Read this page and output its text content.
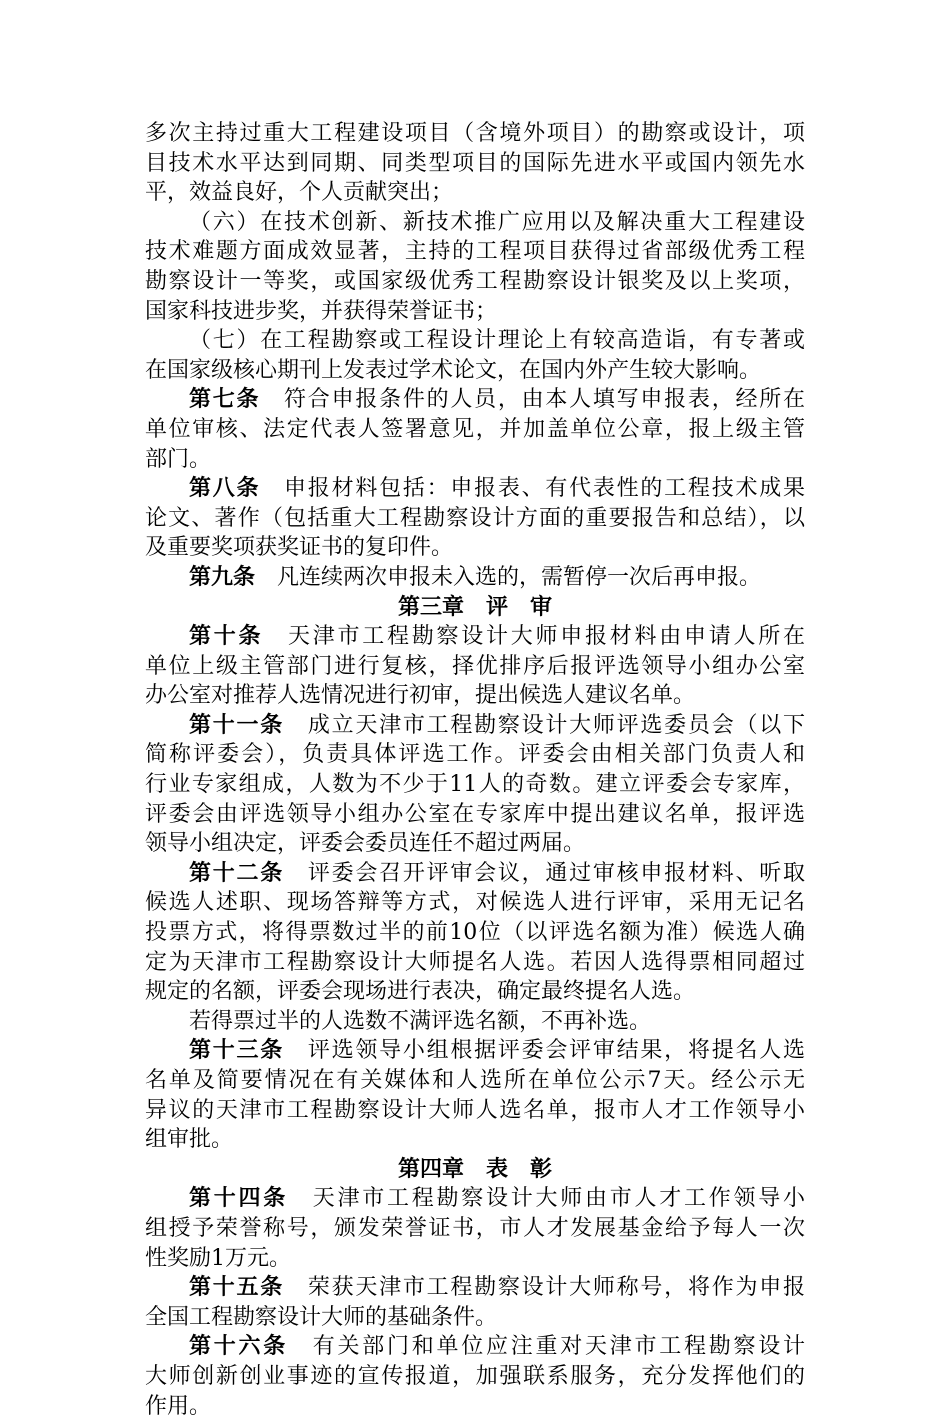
多次主持过重大工程建设项目（含境外项目）的勘察或设计，项
目技术水平达到同期、同类型项目的国际先进水平或国内领先水
平，效益良好，个人贡献突出；

（六）在技术创新、新技术推广应用以及解决重大工程建设
技术难题方面成效显著，主持的工程项目获得过省部级优秀工程
勘察设计一等奖，或国家级优秀工程勘察设计银奖及以上奖项，
国家科技进步奖，并获得荣誉证书；

（七）在工程勘察或工程设计理论上有较高造诣，有专著或
在国家级核心期刊上发表过学术论文，在国内外产生较大影响。

第七条　 符合申报条件的人员，由本人填写申报表，经所在
单位审核、法定代表人签署意见，并加盖单位公章，报上级主管
部门。

第八条　 申报材料包括：申报表、有代表性的工程技术成果
论文、著作（包括重大工程勘察设计方面的重要报告和总结），以
及重要奖项获奖证书的复印件。

第九条　 凡连续两次申报未入选的，需暂停一次后再申报。

第三章　评　审

第十条　 天津市工程勘察设计大师申报材料由申请人所在
单位上级主管部门进行复核，择优排序后报评选领导小组办公室
办公室对推荐人选情况进行初审，提出候选人建议名单。

第十一条　 成立天津市工程勘察设计大师评选委员会（以下
简称评委会），负责具体评选工作。评委会由相关部门负责人和
行业专家组成，人数为不少于11人的奇数。建立评委会专家库，
评委会由评选领导小组办公室在专家库中提出建议名单，报评选
领导小组决定，评委会委员连任不超过两届。

第十二条　 评委会召开评审会议，通过审核申报材料、听取
候选人述职、现场答辩等方式，对候选人进行评审，采用无记名
投票方式，将得票数过半的前10位（以评选名额为准）候选人确
定为天津市工程勘察设计大师提名人选。若因人选得票相同超过
规定的名额，评委会现场进行表决，确定最终提名人选。

若得票过半的人选数不满评选名额，不再补选。

第十三条　 评选领导小组根据评委会评审结果，将提名人选
名单及简要情况在有关媒体和人选所在单位公示7天。经公示无
异议的天津市工程勘察设计大师人选名单，报市人才工作领导小
组审批。

第四章　表　彰

第十四条　 天津市工程勘察设计大师由市人才工作领导小
组授予荣誉称号，颁发荣誉证书，市人才发展基金给予每人一次
性奖励1万元。

第十五条　 荣获天津市工程勘察设计大师称号，将作为申报
全国工程勘察设计大师的基础条件。

第十六条　 有关部门和单位应注重对天津市工程勘察设计
大师创新创业事迹的宣传报道，加强联系服务，充分发挥他们的
作用。
